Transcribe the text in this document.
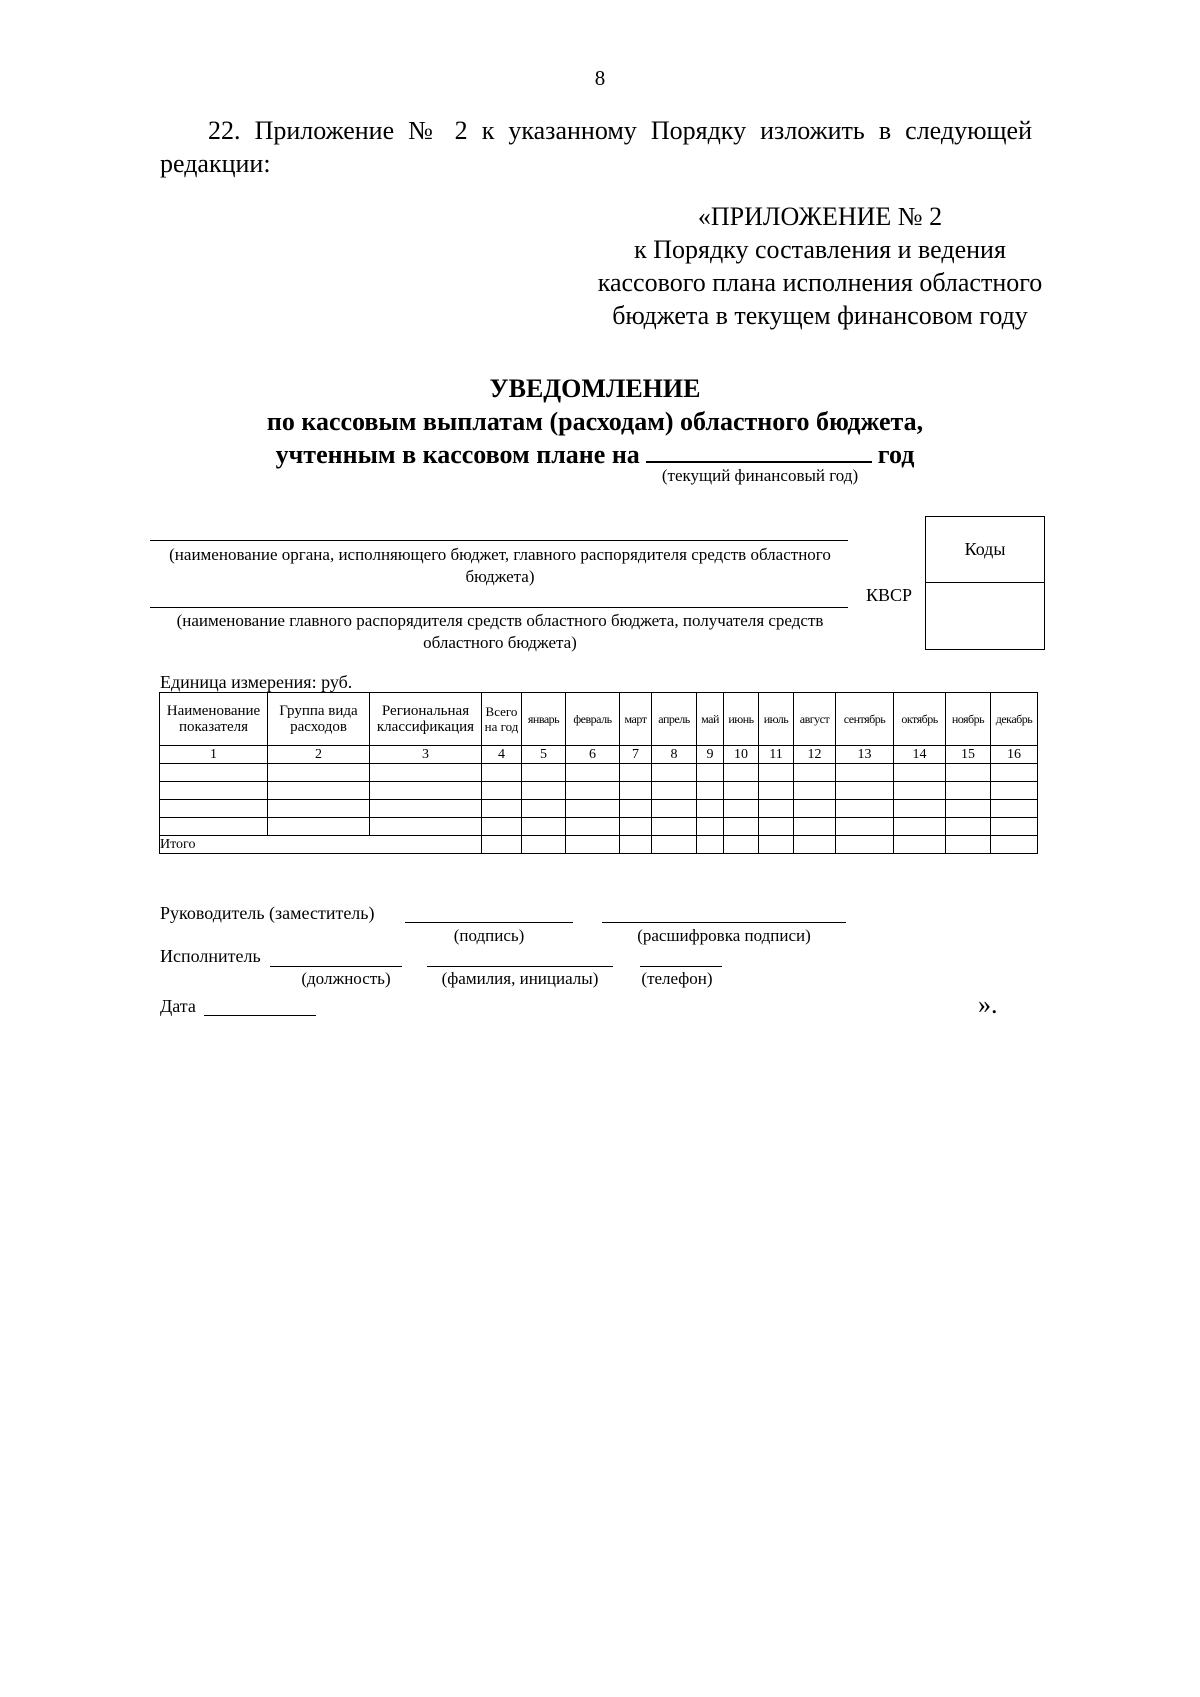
8
22. Приложение № 2 к указанному Порядку изложить в следующей редакции:
«ПРИЛОЖЕНИЕ № 2
к Порядку составления и ведения
кассового плана исполнения областного
бюджета в текущем финансовом году
УВЕДОМЛЕНИЕ
по кассовым выплатам (расходам) областного бюджета,
учтенным в кассовом плане на	год
(текущий финансовый год)
(наименование органа, исполняющего бюджет, главного распорядителя средств областного бюджета)
(наименование главного распорядителя средств областного бюджета, получателя средств областного бюджета)
КВСР
Коды
Единица измерения: руб.
Наименование показателя	Группа вида расходов	Региональная классификация	Всего на год	январь	февраль	март	апрель	май	июнь	июль	август	сентябрь	октябрь	ноябрь	декабрь
1	2	3	4	5	6	7	8	9	10	11	12	13	14	15	16

Итого															
Руководитель (заместитель)
(подпись)	(расшифровка подписи)
Исполнитель
(должность)	(фамилия, инициалы)	(телефон)
Дата	».
